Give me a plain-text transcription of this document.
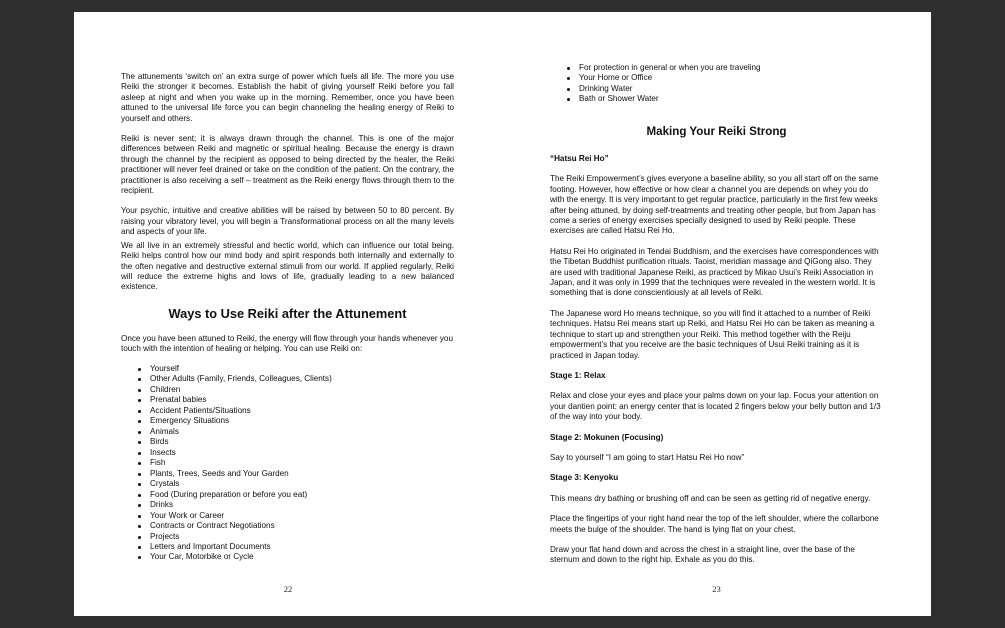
The attunements ‘switch on’ an extra surge of power which fuels all life. The more you use Reiki the stronger it becomes. Establish the habit of giving yourself Reiki before you fall asleep at night and when you wake up in the morning. Remember, once you have been attuned to the universal life force you can begin channeling the healing energy of Reiki to yourself and others.

Reiki is never sent; it is always drawn through the channel. This is one of the major differences between Reiki and magnetic or spiritual healing. Because the energy is drawn through the channel by the recipient as opposed to being directed by the healer, the Reiki practitioner will never feel drained or take on the condition of the patient. On the contrary, the practitioner is also receiving a self – treatment as the Reiki energy flows through them to the recipient.

Your psychic, intuitive and creative abilities will be raised by between 50 to 80 percent. By raising your vibratory level, you will begin a Transformational process on all the many levels and aspects of your life.

We all live in an extremely stressful and hectic world, which can influence our total being. Reiki helps control how our mind body and spirit responds both internally and externally to the often negative and destructive external stimuli from our world. If applied regularly, Reiki will reduce the extreme highs and lows of life, gradually leading to a new balanced existence.

Ways to Use Reiki after the Attunement
Once you have been attuned to Reiki, the energy will flow through your hands whenever you touch with the intention of healing or helping. You can use Reiki on:
Yourself
Other Adults (Family, Friends, Colleagues, Clients)
Children
Prenatal babies
Accident Patients/Situations
Emergency Situations
Animals
Birds
Insects
Fish
Plants, Trees, Seeds and Your Garden
Crystals
Food (During preparation or before you eat)
Drinks
Your Work or Career
Contracts or Contract Negotiations
Projects
Letters and Important Documents
Your Car, Motorbike or Cycle
22
For protection in general or when you are traveling
Your Home or Office
Drinking Water
Bath or Shower Water
Making Your Reiki Strong
“Hatsu Rei Ho”

The Reiki Empowerment’s gives everyone a baseline ability, so you all start off on the same footing. However, how effective or how clear a channel you are depends on whey you do with the energy. It is very important to get regular practice, particularly in the first few weeks after being attuned, by doing self-treatments and treating other people, but from Japan has come a series of energy exercises specially designed to used by Reiki people. These exercises are called Hatsu Rei Ho.

Hatsu Rei Ho originated in Tendai Buddhism, and the exercises have correspondences with the Tibetan Buddhist purification rituals. Taoist, meridian massage and QiGong also. They are used with traditional Japanese Reiki, as practiced by Mikao Usui’s Reiki Association in Japan, and it was only in 1999 that the techniques were revealed in the western world. It is something that is done conscientiously at all levels of Reiki.

The Japanese word Ho means technique, so you will find it attached to a number of Reiki techniques. Hatsu Rei means start up Reiki, and Hatsu Rei Ho can be taken as meaning a technique to start up and strengthen your Reiki. This method together with the Reiju empowerment’s that you receive are the basic techniques of Usui Reiki training as it is practiced in Japan today.

Stage 1: Relax

Relax and close your eyes and place your palms down on your lap. Focus your attention on your dantien point: an energy center that is located 2 fingers below your belly button and 1/3 of the way into your body.

Stage 2: Mokunen (Focusing)

Say to yourself “I am going to start Hatsu Rei Ho now”

Stage 3: Kenyoku

This means dry bathing or brushing off and can be seen as getting rid of negative energy.

Place the fingertips of your right hand near the top of the left shoulder, where the collarbone meets the bulge of the shoulder. The hand is lying flat on your chest.

Draw your flat hand down and across the chest in a straight line, over the base of the sternum and down to the right hip. Exhale as you do this.

23
